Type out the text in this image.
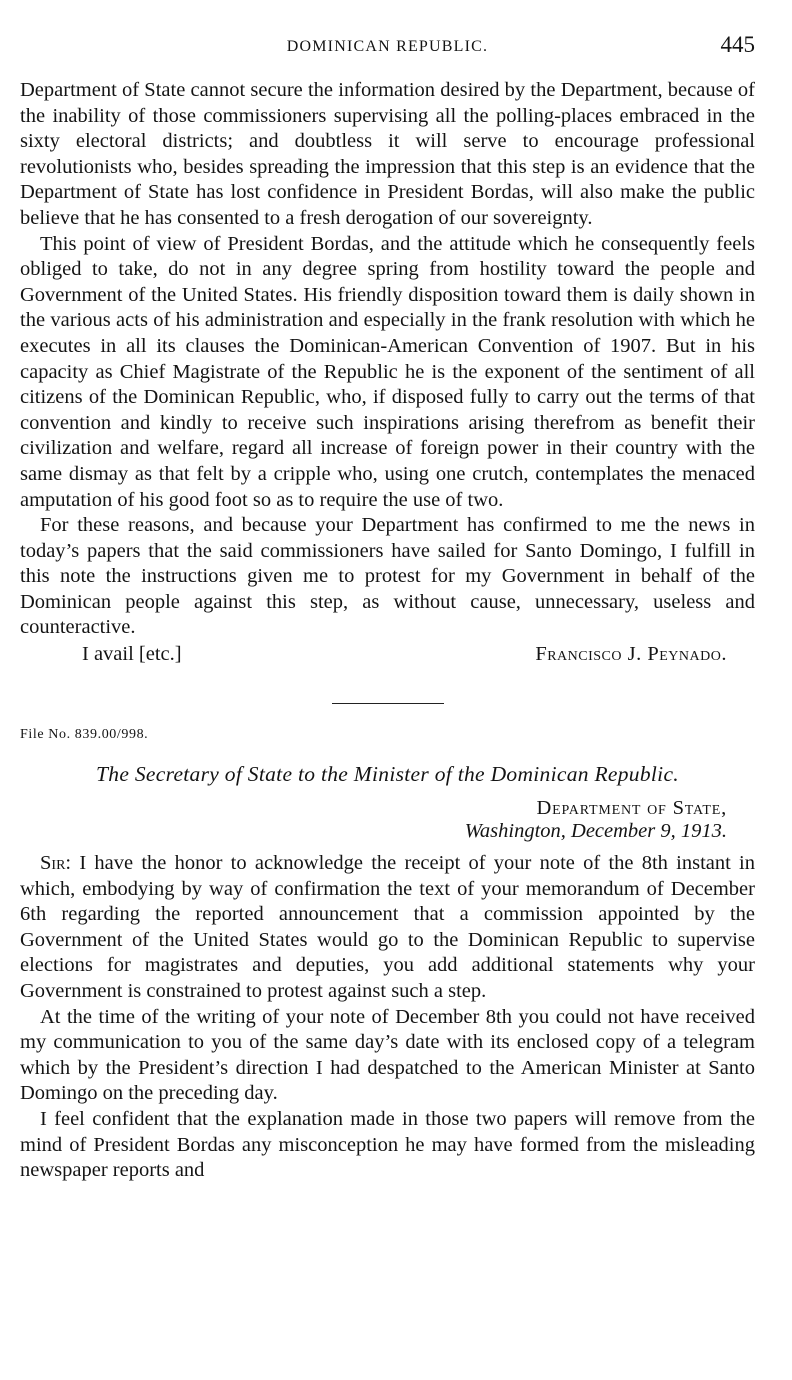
DOMINICAN REPUBLIC.	445

Department of State cannot secure the information desired by the Department, because of the inability of those commissioners supervising all the polling-places embraced in the sixty electoral districts; and doubtless it will serve to encourage professional revolutionists who, besides spreading the impression that this step is an evidence that the Department of State has lost confidence in President Bordas, will also make the public believe that he has consented to a fresh derogation of our sovereignty.

This point of view of President Bordas, and the attitude which he consequently feels obliged to take, do not in any degree spring from hostility toward the people and Government of the United States. His friendly disposition toward them is daily shown in the various acts of his administration and especially in the frank resolution with which he executes in all its clauses the Dominican-American Convention of 1907. But in his capacity as Chief Magistrate of the Republic he is the exponent of the sentiment of all citizens of the Dominican Republic, who, if disposed fully to carry out the terms of that convention and kindly to receive such inspirations arising therefrom as benefit their civilization and welfare, regard all increase of foreign power in their country with the same dismay as that felt by a cripple who, using one crutch, contemplates the menaced amputation of his good foot so as to require the use of two.

For these reasons, and because your Department has confirmed to me the news in today’s papers that the said commissioners have sailed for Santo Domingo, I fulfill in this note the instructions given me to protest for my Government in behalf of the Dominican people against this step, as without cause, unnecessary, useless and counteractive.

I avail [etc.]	Francisco J. Peynado.
File No. 839.00/998.
The Secretary of State to the Minister of the Dominican Republic.
Department of State,
Washington, December 9, 1913.

Sir: I have the honor to acknowledge the receipt of your note of the 8th instant in which, embodying by way of confirmation the text of your memorandum of December 6th regarding the reported announcement that a commission appointed by the Government of the United States would go to the Dominican Republic to supervise elections for magistrates and deputies, you add additional statements why your Government is constrained to protest against such a step.

At the time of the writing of your note of December 8th you could not have received my communication to you of the same day’s date with its enclosed copy of a telegram which by the President’s direction I had despatched to the American Minister at Santo Domingo on the preceding day.

I feel confident that the explanation made in those two papers will remove from the mind of President Bordas any misconception he may have formed from the misleading newspaper reports and
